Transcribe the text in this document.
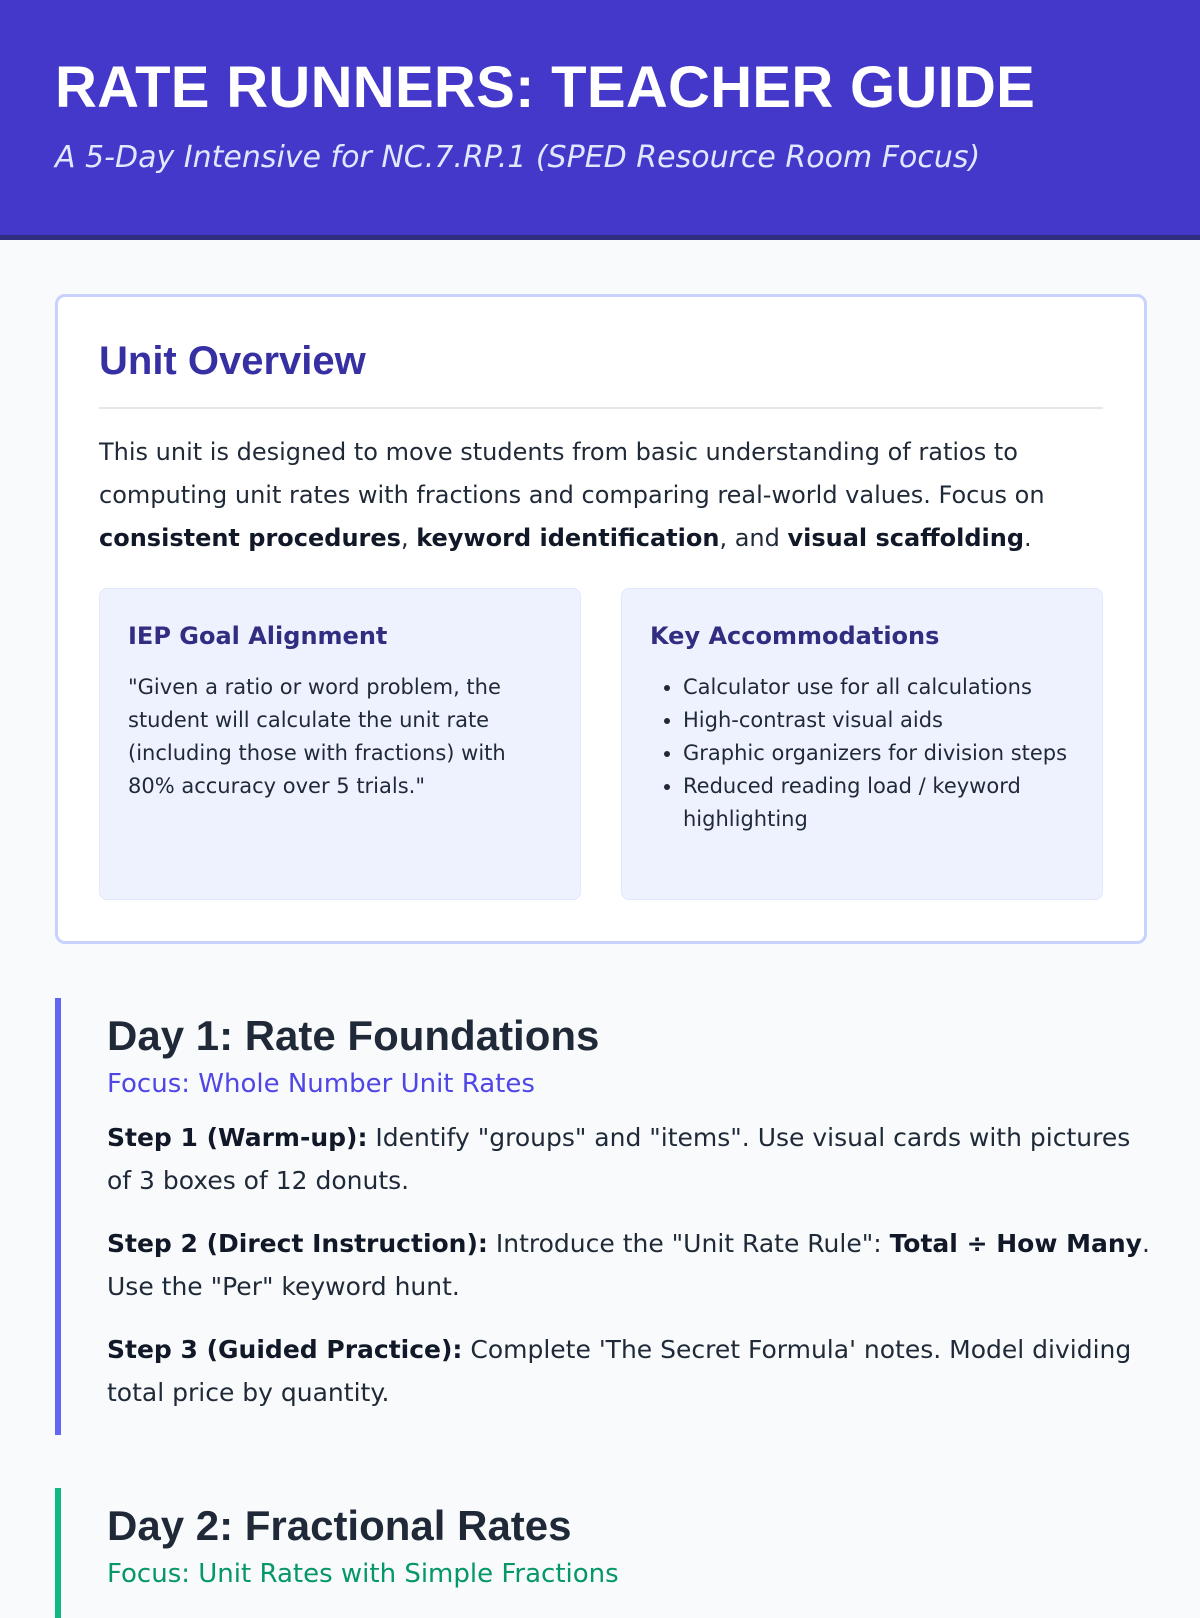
RATE RUNNERS: TEACHER GUIDE
A 5-Day Intensive for NC.7.RP.1 (SPED Resource Room Focus)
Unit Overview

This unit is designed to move students from basic understanding of ratios to computing unit rates with fractions and comparing real-world values. Focus on consistent procedures, keyword identification, and visual scaffolding.

IEP Goal Alignment

"Given a ratio or word problem, the student will calculate the unit rate (including those with fractions) with 80% accuracy over 5 trials."

Key Accommodations
• Calculator use for all calculations
• High-contrast visual aids
• Graphic organizers for division steps
• Reduced reading load / keyword highlighting
Day 1: Rate Foundations
Focus: Whole Number Unit Rates

Step 1 (Warm-up): Identify "groups" and "items". Use visual cards with pictures of 3 boxes of 12 donuts.

Step 2 (Direct Instruction): Introduce the "Unit Rate Rule": Total ÷ How Many. Use the "Per" keyword hunt.

Step 3 (Guided Practice): Complete 'The Secret Formula' notes. Model dividing total price by quantity.

Day 2: Fractional Rates
Focus: Unit Rates with Simple Fractions
